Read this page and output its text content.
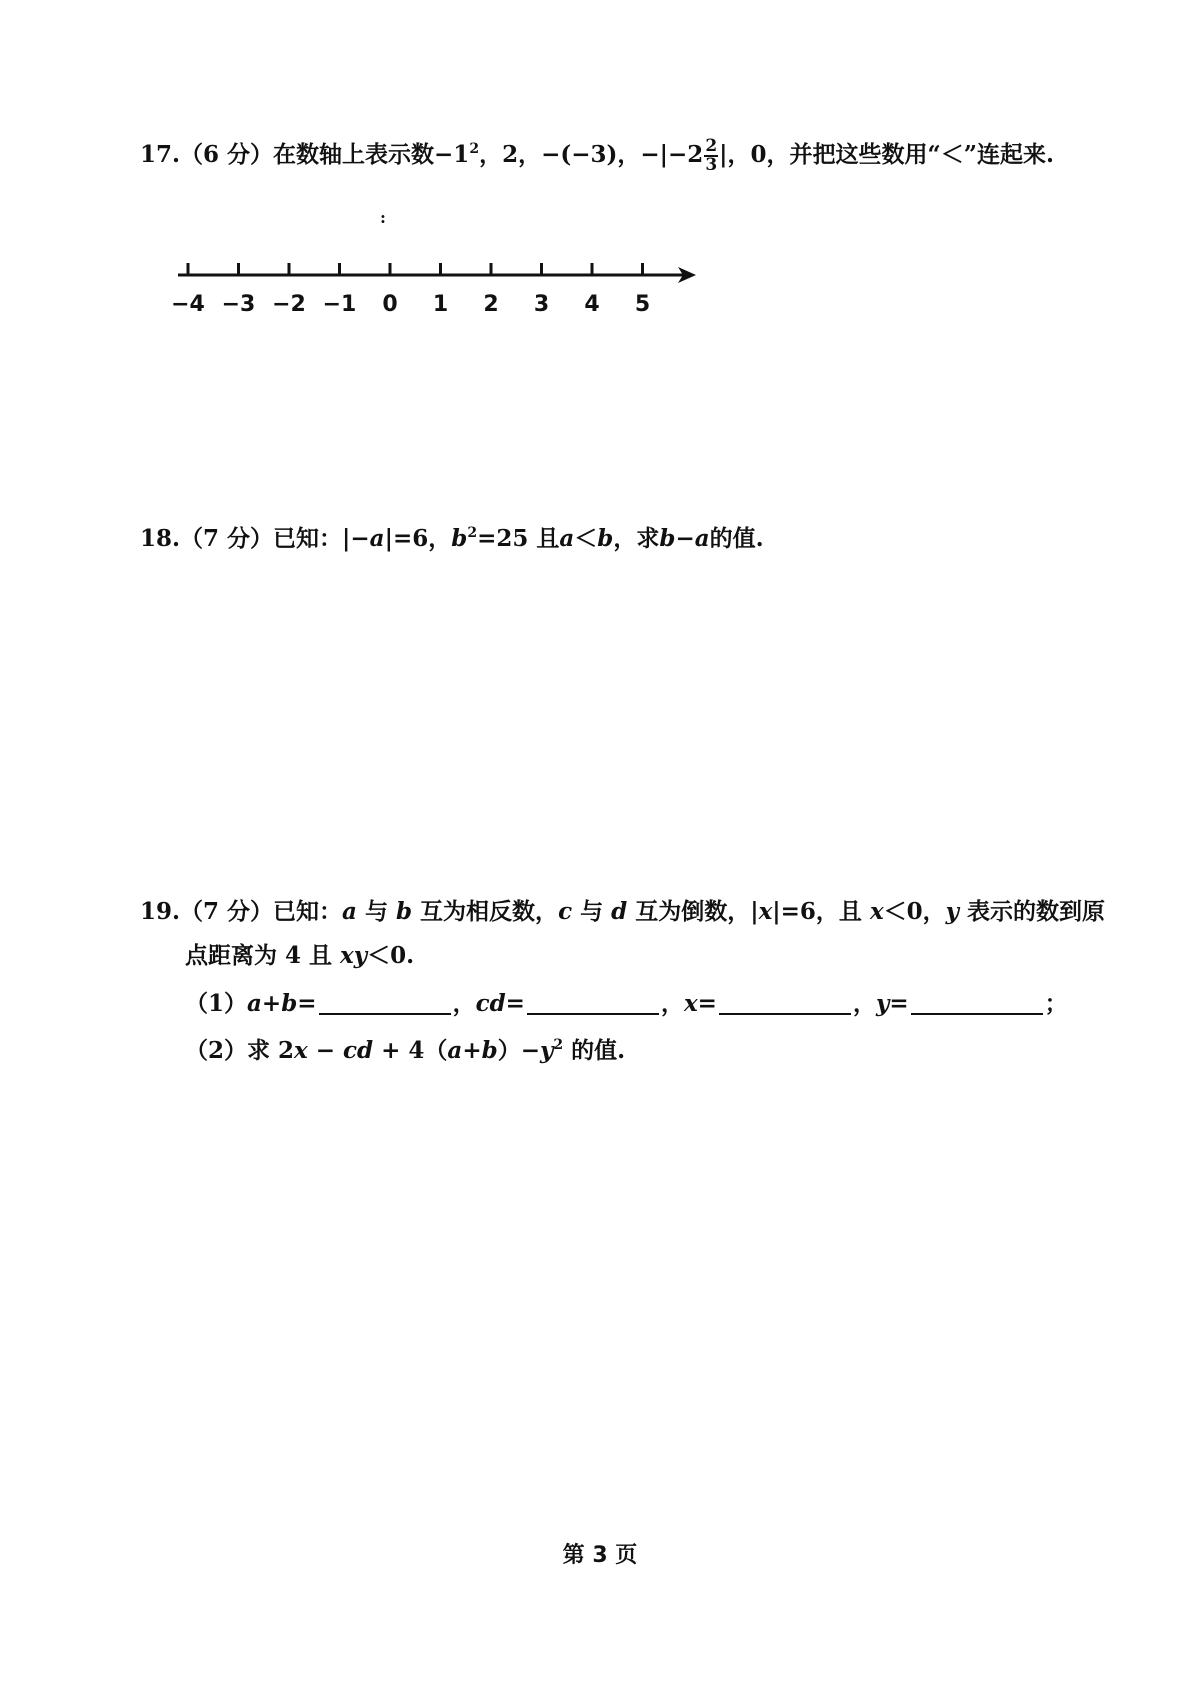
17.（6 分）在数轴上表示数$-1^2$，2，−(−3)，$-|-2 \frac{2}{3}$ |，0，并把这些数用“＜”连起来.
:
−4 −3 −2 −1 0 1 2 3 4 5
18.（7 分）已知：|−a|=6，$b^2=25$ 且a＜b，求b−a的值.
19.（7 分）已知：a 与 b 互为相反数，c 与 d 互为倒数，|x|=6，且 x＜0，y 表示的数到原
点距离为 4 且 xy＜0.
（1）a+b=	，cd=	，x=	，y=	；
（2）求 2x − cd + $4(a+b)-y^2$ 的值.
第 3 页
